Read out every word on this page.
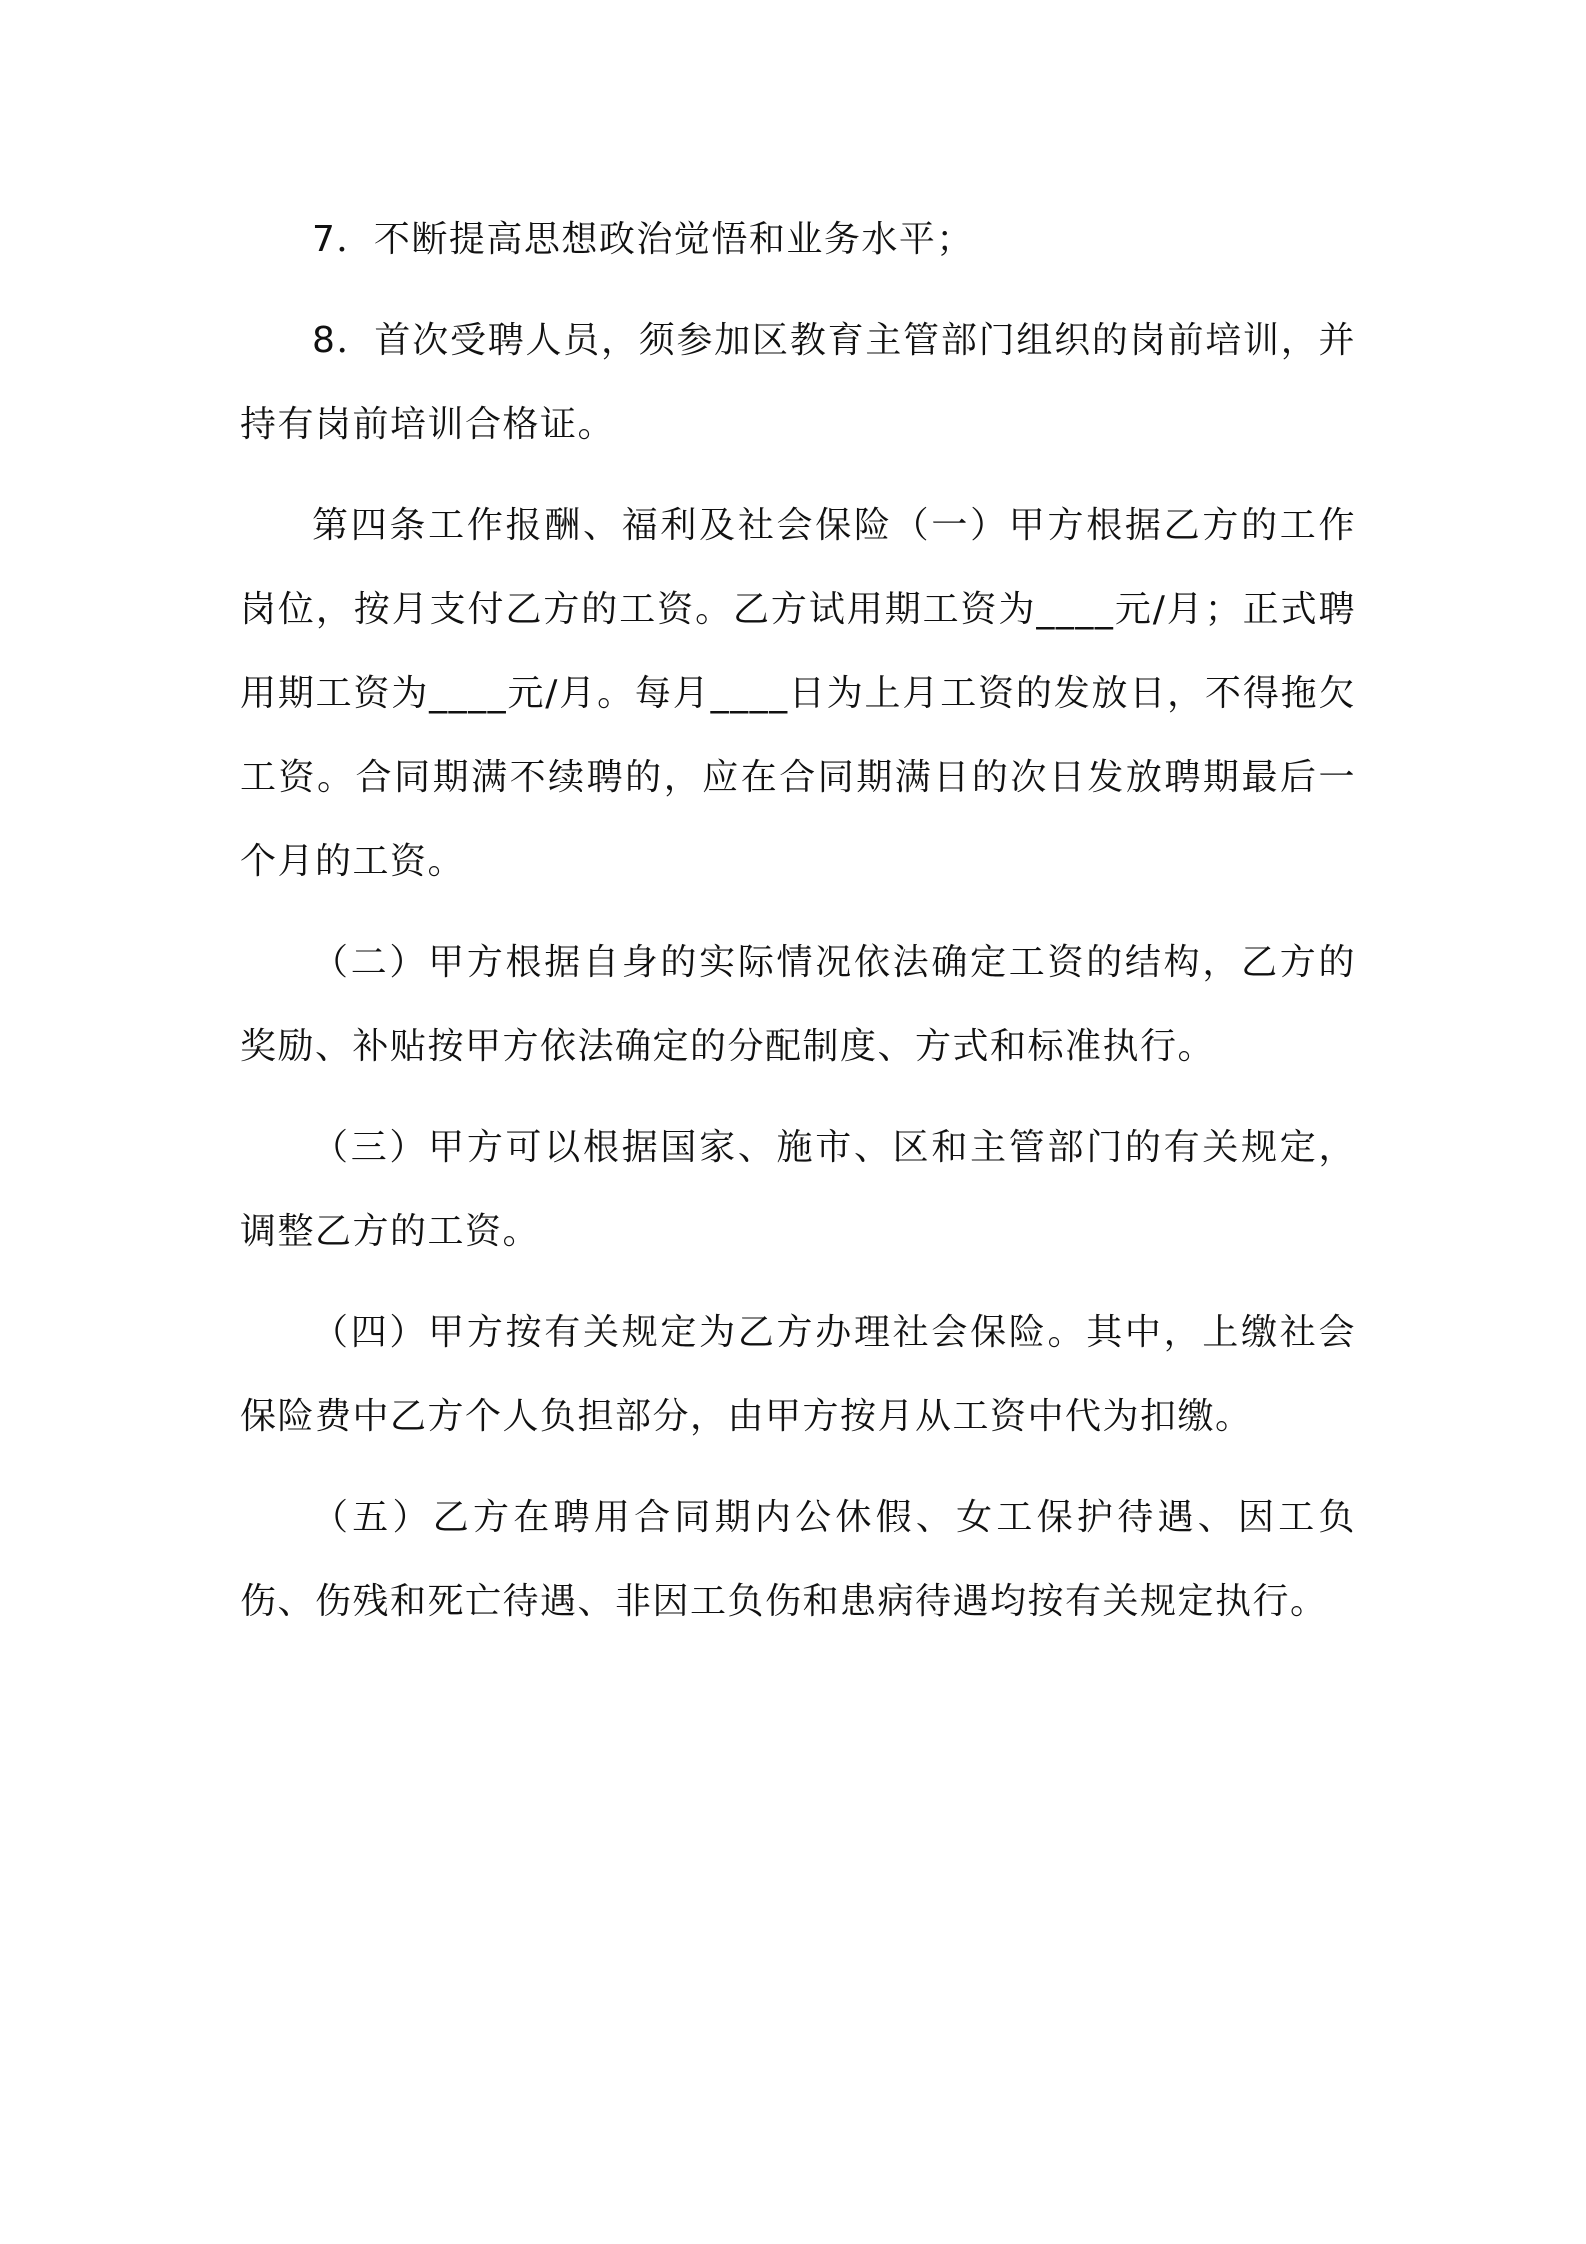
7．不断提高思想政治觉悟和业务水平；

8．首次受聘人员，须参加区教育主管部门组织的岗前培训，并持有岗前培训合格证。

第四条工作报酬、福利及社会保险（一）甲方根据乙方的工作岗位，按月支付乙方的工资。乙方试用期工资为____元/月；正式聘用期工资为____元/月。每月____日为上月工资的发放日，不得拖欠工资。合同期满不续聘的，应在合同期满日的次日发放聘期最后一个月的工资。

（二）甲方根据自身的实际情况依法确定工资的结构，乙方的奖励、补贴按甲方依法确定的分配制度、方式和标准执行。

（三）甲方可以根据国家、施市、区和主管部门的有关规定，调整乙方的工资。

（四）甲方按有关规定为乙方办理社会保险。其中，上缴社会保险费中乙方个人负担部分，由甲方按月从工资中代为扣缴。

（五）乙方在聘用合同期内公休假、女工保护待遇、因工负伤、伤残和死亡待遇、非因工负伤和患病待遇均按有关规定执行。
